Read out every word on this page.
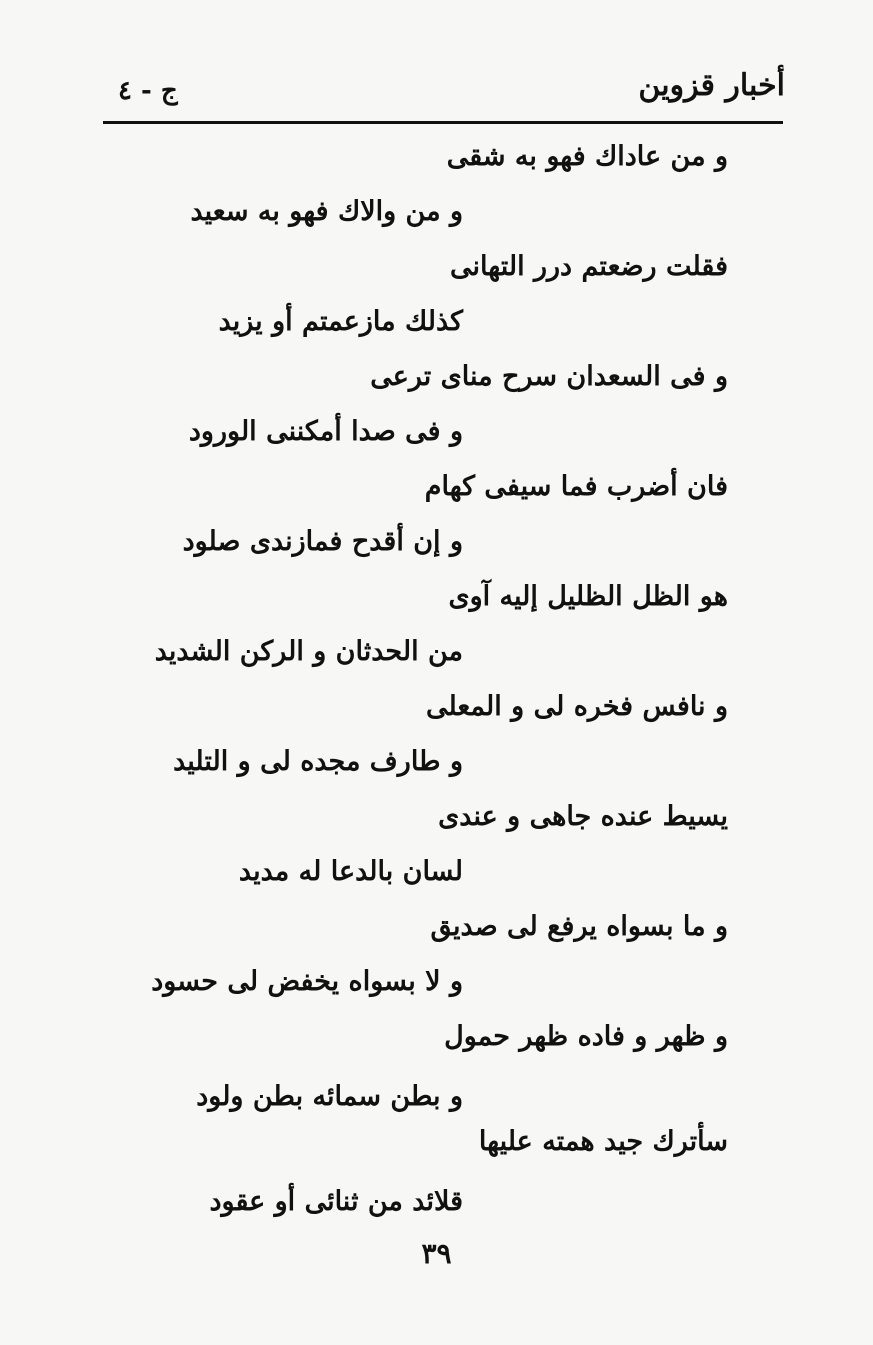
أخبار قزوين
ج - ٤
و من عاداك فهو به شقى
و من والاك فهو به سعيد
فقلت رضعتم درر التهانى
كذلك مازعمتم أو يزيد
و فى السعدان سرح مناى ترعى
و فى صدا أمكننى الورود
فان أضرب فما سيفى كهام
و إن أقدح فمازندى صلود
هو الظل الظليل إليه آوى
من الحدثان و الركن الشديد
و نافس فخره لى و المعلى
و طارف مجده لى و التليد
يسيط عنده جاهى و عندى
لسان بالدعا له مديد
و ما بسواه يرفع لى صديق
و لا بسواه يخفض لى حسود
و ظهر و فاده ظهر حمول
و بطن سمائه بطن ولود
سأترك جيد همته عليها
قلائد من ثنائى أو عقود
٣٩
